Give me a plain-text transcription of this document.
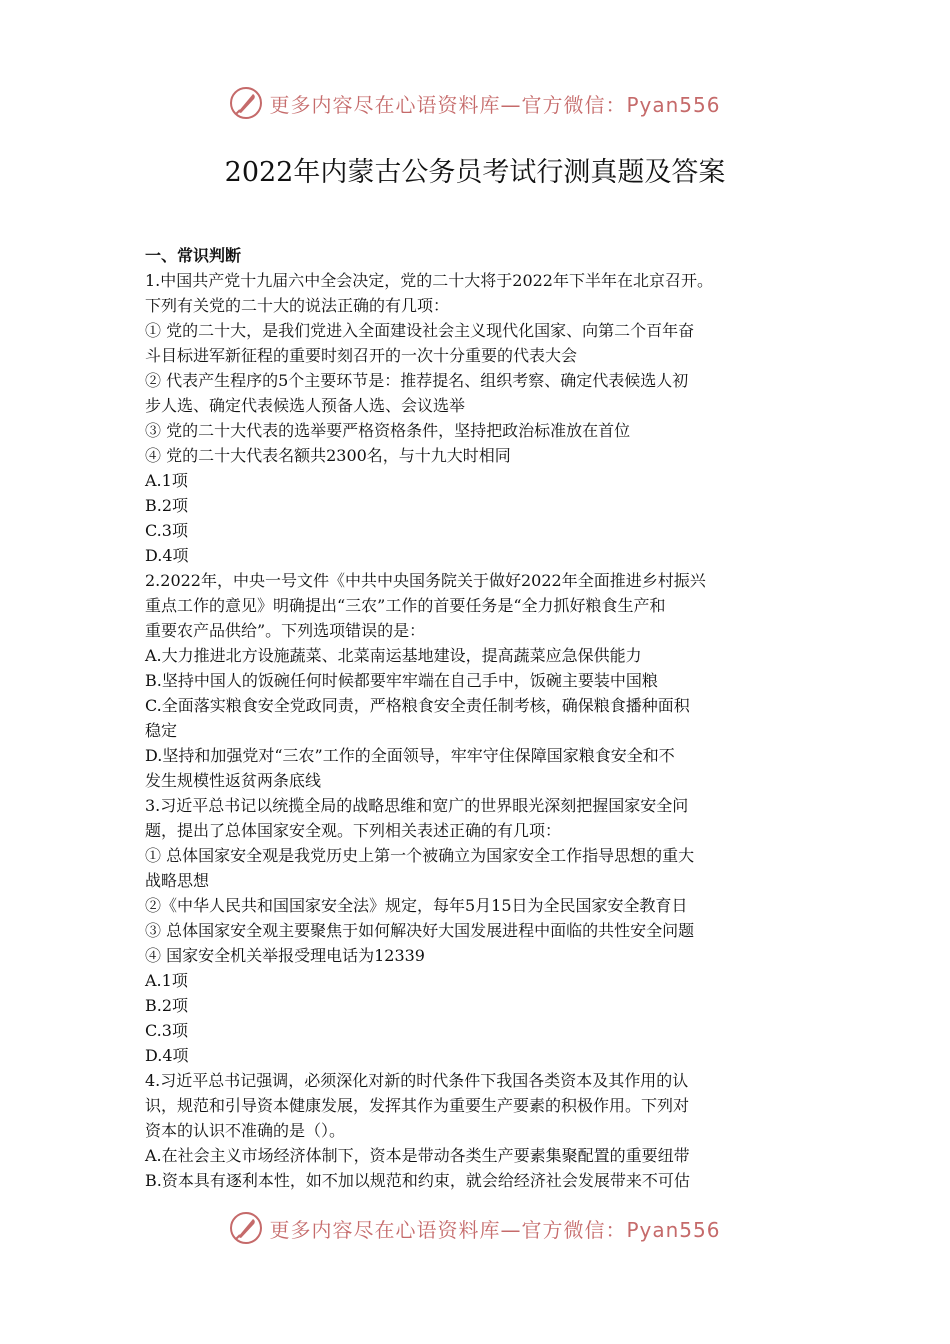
更多内容尽在心语资料库—官方微信：Pyan556
2022年内蒙古公务员考试行测真题及答案

一、常识判断

1.中国共产党十九届六中全会决定，党的二十大将于2022年下半年在北京召开。

下列有关党的二十大的说法正确的有几项：

① 党的二十大，是我们党进入全面建设社会主义现代化国家、向第二个百年奋

斗目标进军新征程的重要时刻召开的一次十分重要的代表大会

② 代表产生程序的5个主要环节是：推荐提名、组织考察、确定代表候选人初

步人选、确定代表候选人预备人选、会议选举

③ 党的二十大代表的选举要严格资格条件，坚持把政治标准放在首位

④ 党的二十大代表名额共2300名，与十九大时相同

A.1项

B.2项

C.3项

D.4项

2.2022年，中央一号文件《中共中央国务院关于做好2022年全面推进乡村振兴

重点工作的意见》明确提出“三农”工作的首要任务是“全力抓好粮食生产和

重要农产品供给”。下列选项错误的是：

A.大力推进北方设施蔬菜、北菜南运基地建设，提高蔬菜应急保供能力

B.坚持中国人的饭碗任何时候都要牢牢端在自己手中，饭碗主要装中国粮

C.全面落实粮食安全党政同责，严格粮食安全责任制考核，确保粮食播种面积

稳定

D.坚持和加强党对“三农”工作的全面领导，牢牢守住保障国家粮食安全和不

发生规模性返贫两条底线

3.习近平总书记以统揽全局的战略思维和宽广的世界眼光深刻把握国家安全问

题，提出了总体国家安全观。下列相关表述正确的有几项：

① 总体国家安全观是我党历史上第一个被确立为国家安全工作指导思想的重大

战略思想

②《中华人民共和国国家安全法》规定，每年5月15日为全民国家安全教育日

③ 总体国家安全观主要聚焦于如何解决好大国发展进程中面临的共性安全问题

④ 国家安全机关举报受理电话为12339

A.1项

B.2项

C.3项

D.4项

4.习近平总书记强调，必须深化对新的时代条件下我国各类资本及其作用的认

识，规范和引导资本健康发展，发挥其作为重要生产要素的积极作用。下列对

资本的认识不准确的是（）。

A.在社会主义市场经济体制下，资本是带动各类生产要素集聚配置的重要纽带

B.资本具有逐利本性，如不加以规范和约束，就会给经济社会发展带来不可估

更多内容尽在心语资料库—官方微信：Pyan556
